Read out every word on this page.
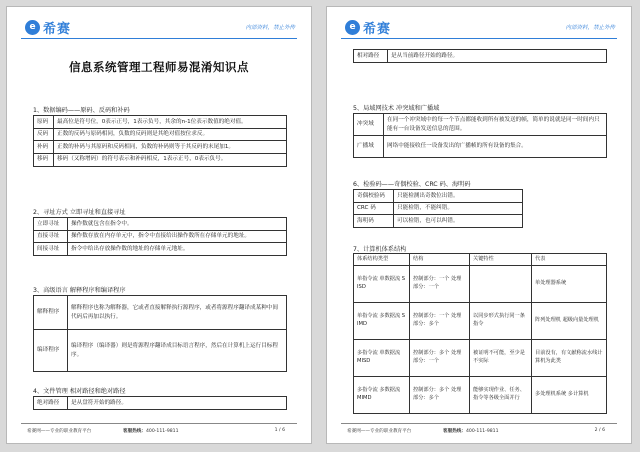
e 希赛	内部资料，禁止外传
信息系统管理工程师易混淆知识点
1、数据编码——原码、反码和补码
原码	最高位是符号位，0表示正号，1表示负号，其余的n-1位表示数值的绝对值。
反码	正数的反码与原码相同，负数的反码则是其绝对值按位求反。
补码	正数的补码与其原码和反码相同，负数的补码则等于其反码的末尾加1。
移码	移码（又称增码）的符号表示和补码相反，1表示正号，0表示负号。
2、寻址方式 立即寻址和直接寻址
立即寻址	操作数就包含在指令中。
直接寻址	操作数存放在内存单元中，指令中直接给出操作数所在存储单元的地址。
间接寻址	指令中给出存放操作数的地址的存储单元地址。
3、高级语言 解释程序和编译程序
解释程序	解释程序也称为解释器，它或者直接解释执行源程序，或者将源程序翻译成某种中间代码后再加以执行。
编译程序	编译程序（编译器）则是将源程序翻译成目标语言程序，然后在计算机上运行目标程序。
4、文件管理 相对路径和绝对路径
绝对路径	是从盘符开始的路径。
希赛网——专业的职业教育平台	客服热线：400-111-9811	1 / 6
e 希赛	内部资料，禁止外传
相对路径	是从当前路径开始的路径。
5、局域网技术 冲突域和广播域
冲突域	在同一个冲突域中的每一个节点都能收到所有被发送的帧，简单的说就是同一时间内只能有一台设备发送信息的范围。
广播域	网络中能接收任一设备发出的广播帧的所有设备的集合。
6、检验码——奇偶校验、CRC 码、海明码
奇偶校验码	只能检测出奇数位出错。
CRC 码	只能检错，不能纠错。
海明码	可以检错，也可以纠错。
7、计算机体系结构
体系结构类型	结构	关键特性	代表
单指令流 单数据流 SISD	控制部分：一个 处理部分：一个		单处理器系统
单指令流 多数据流 SIMD	控制部分：一个 处理部分：多个	以同步形式执行同一条指令	阵列处理机 超级向量处理机
多指令流 单数据流 MISD	控制部分：多个 处理部分：一个	被证明不可能，至少是不实际	目前没有，有文献称流水线计算机为此类
多指令流 多数据流 MIMD	控制部分：多个 处理部分：多个	能够实现作业、任务、指令等各级全面并行	多处理机系统 多计算机
希赛网——专业的职业教育平台	客服热线：400-111-9811	2 / 6
